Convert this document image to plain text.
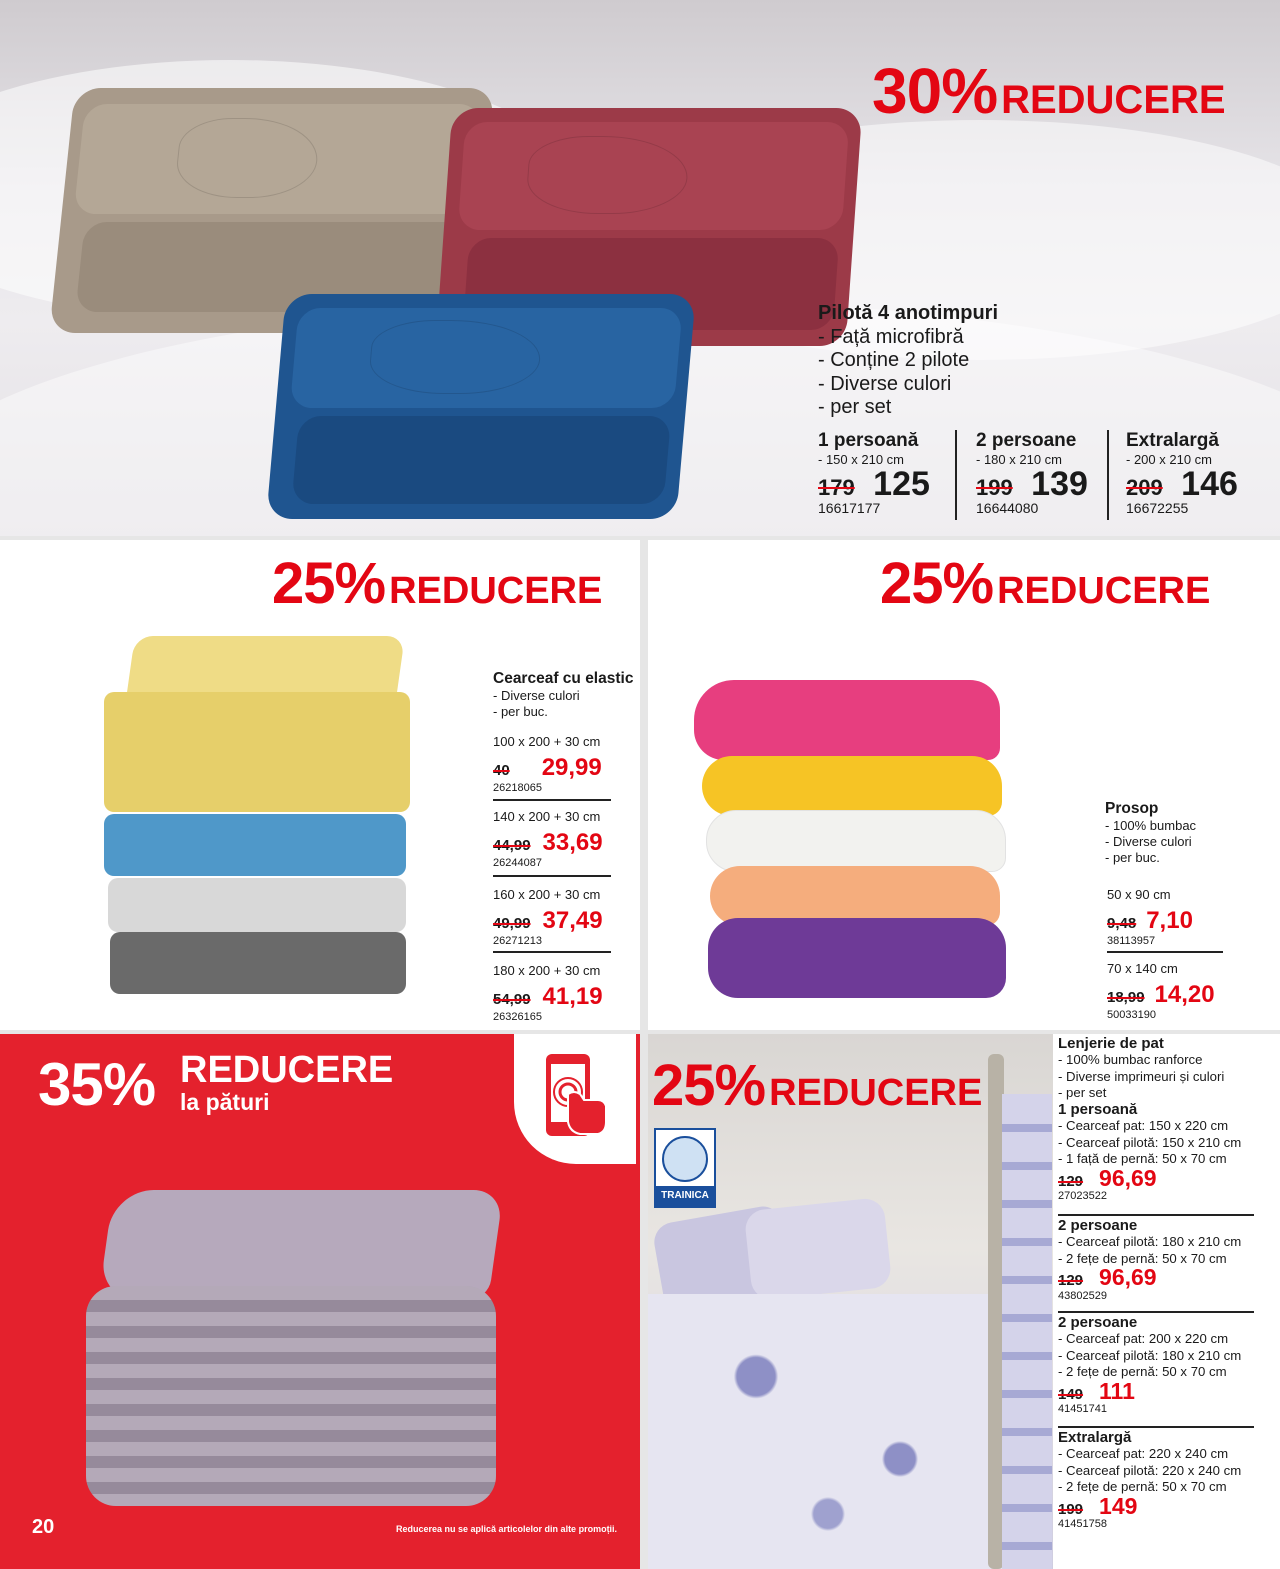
30% REDUCERE
Pilotă 4 anotimpuri
- Față microfibră
- Conține 2 pilote
- Diverse culori
- per set
1 persoană
- 150 x 210 cm
179 125
16617177
2 persoane
- 180 x 210 cm
199 139
16644080
Extralargă
- 200 x 210 cm
209 146
16672255
25% REDUCERE
Cearceaf cu elastic
- Diverse culori
- per buc.
100 x 200 + 30 cm
40 29,99
26218065
140 x 200 + 30 cm
44,99 33,69
26244087
160 x 200 + 30 cm
49,99 37,49
26271213
180 x 200 + 30 cm
54,99 41,19
26326165
25% REDUCERE
Prosop
- 100% bumbac
- Diverse culori
- per buc.
50 x 90 cm
9,48 7,10
38113957
70 x 140 cm
18,99 14,20
50033190
35% REDUCERE
la pături
20	Reducerea nu se aplică articolelor din alte promoții.
25% REDUCERE
TRAINICA
Lenjerie de pat
- 100% bumbac ranforce
- Diverse imprimeuri și culori
- per set
1 persoană
- Cearceaf pat: 150 x 220 cm
- Cearceaf pilotă: 150 x 210 cm
- 1 față de pernă: 50 x 70 cm
129 96,69
27023522
2 persoane
- Cearceaf pilotă: 180 x 210 cm
- 2 fețe de pernă: 50 x 70 cm
129 96,69
43802529
2 persoane
- Cearceaf pat: 200 x 220 cm
- Cearceaf pilotă: 180 x 210 cm
- 2 fețe de pernă: 50 x 70 cm
149 111
41451741
Extralargă
- Cearceaf pat: 220 x 240 cm
- Cearceaf pilotă: 220 x 240 cm
- 2 fețe de pernă: 50 x 70 cm
199 149
41451758
